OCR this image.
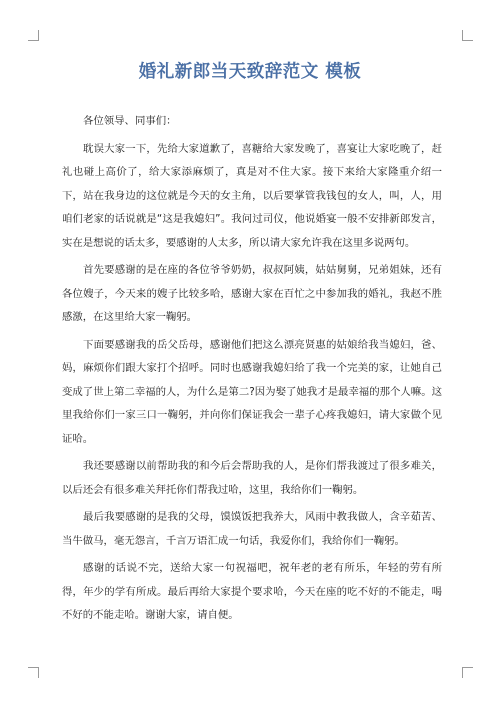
婚礼新郎当天致辞范文 模板

各位领导、同事们：

耽误大家一下，先给大家道歉了，喜糖给大家发晚了，喜宴让大家吃晚了，赶礼也碰上高价了，给大家添麻烦了，真是对不住大家。接下来给大家隆重介绍一下，站在我身边的这位就是今天的女主角，以后要掌管我钱包的女人，叫，人，用咱们老家的话说就是“这是我媳妇”。我问过司仪，他说婚宴一般不安排新郎发言，实在是想说的话太多，要感谢的人太多，所以请大家允许我在这里多说两句。

首先要感谢的是在座的各位爷爷奶奶，叔叔阿姨，姑姑舅舅，兄弟姐妹，还有各位嫂子，今天来的嫂子比较多哈，感谢大家在百忙之中参加我的婚礼，我赵不胜感激，在这里给大家一鞠躬。

下面要感谢我的岳父岳母，感谢他们把这么漂亮贤惠的姑娘给我当媳妇，爸、妈，麻烦你们跟大家打个招呼。同时也感谢我媳妇给了我一个完美的家，让她自己变成了世上第二幸福的人，为什么是第二?因为娶了她我才是最幸福的那个人嘛。这里我给你们一家三口一鞠躬，并向你们保证我会一辈子心疼我媳妇，请大家做个见证哈。

我还要感谢以前帮助我的和今后会帮助我的人，是你们帮我渡过了很多难关，以后还会有很多难关拜托你们帮我过哈，这里，我给你们一鞠躬。

最后我要感谢的是我的父母，馍馍饭把我养大，风雨中教我做人，含辛茹苦、当牛做马，毫无怨言，千言万语汇成一句话，我爱你们，我给你们一鞠躬。

感谢的话说不完，送给大家一句祝福吧，祝年老的老有所乐，年轻的劳有所得，年少的学有所成。最后再给大家提个要求哈，今天在座的吃不好的不能走，喝不好的不能走哈。谢谢大家，请自便。
